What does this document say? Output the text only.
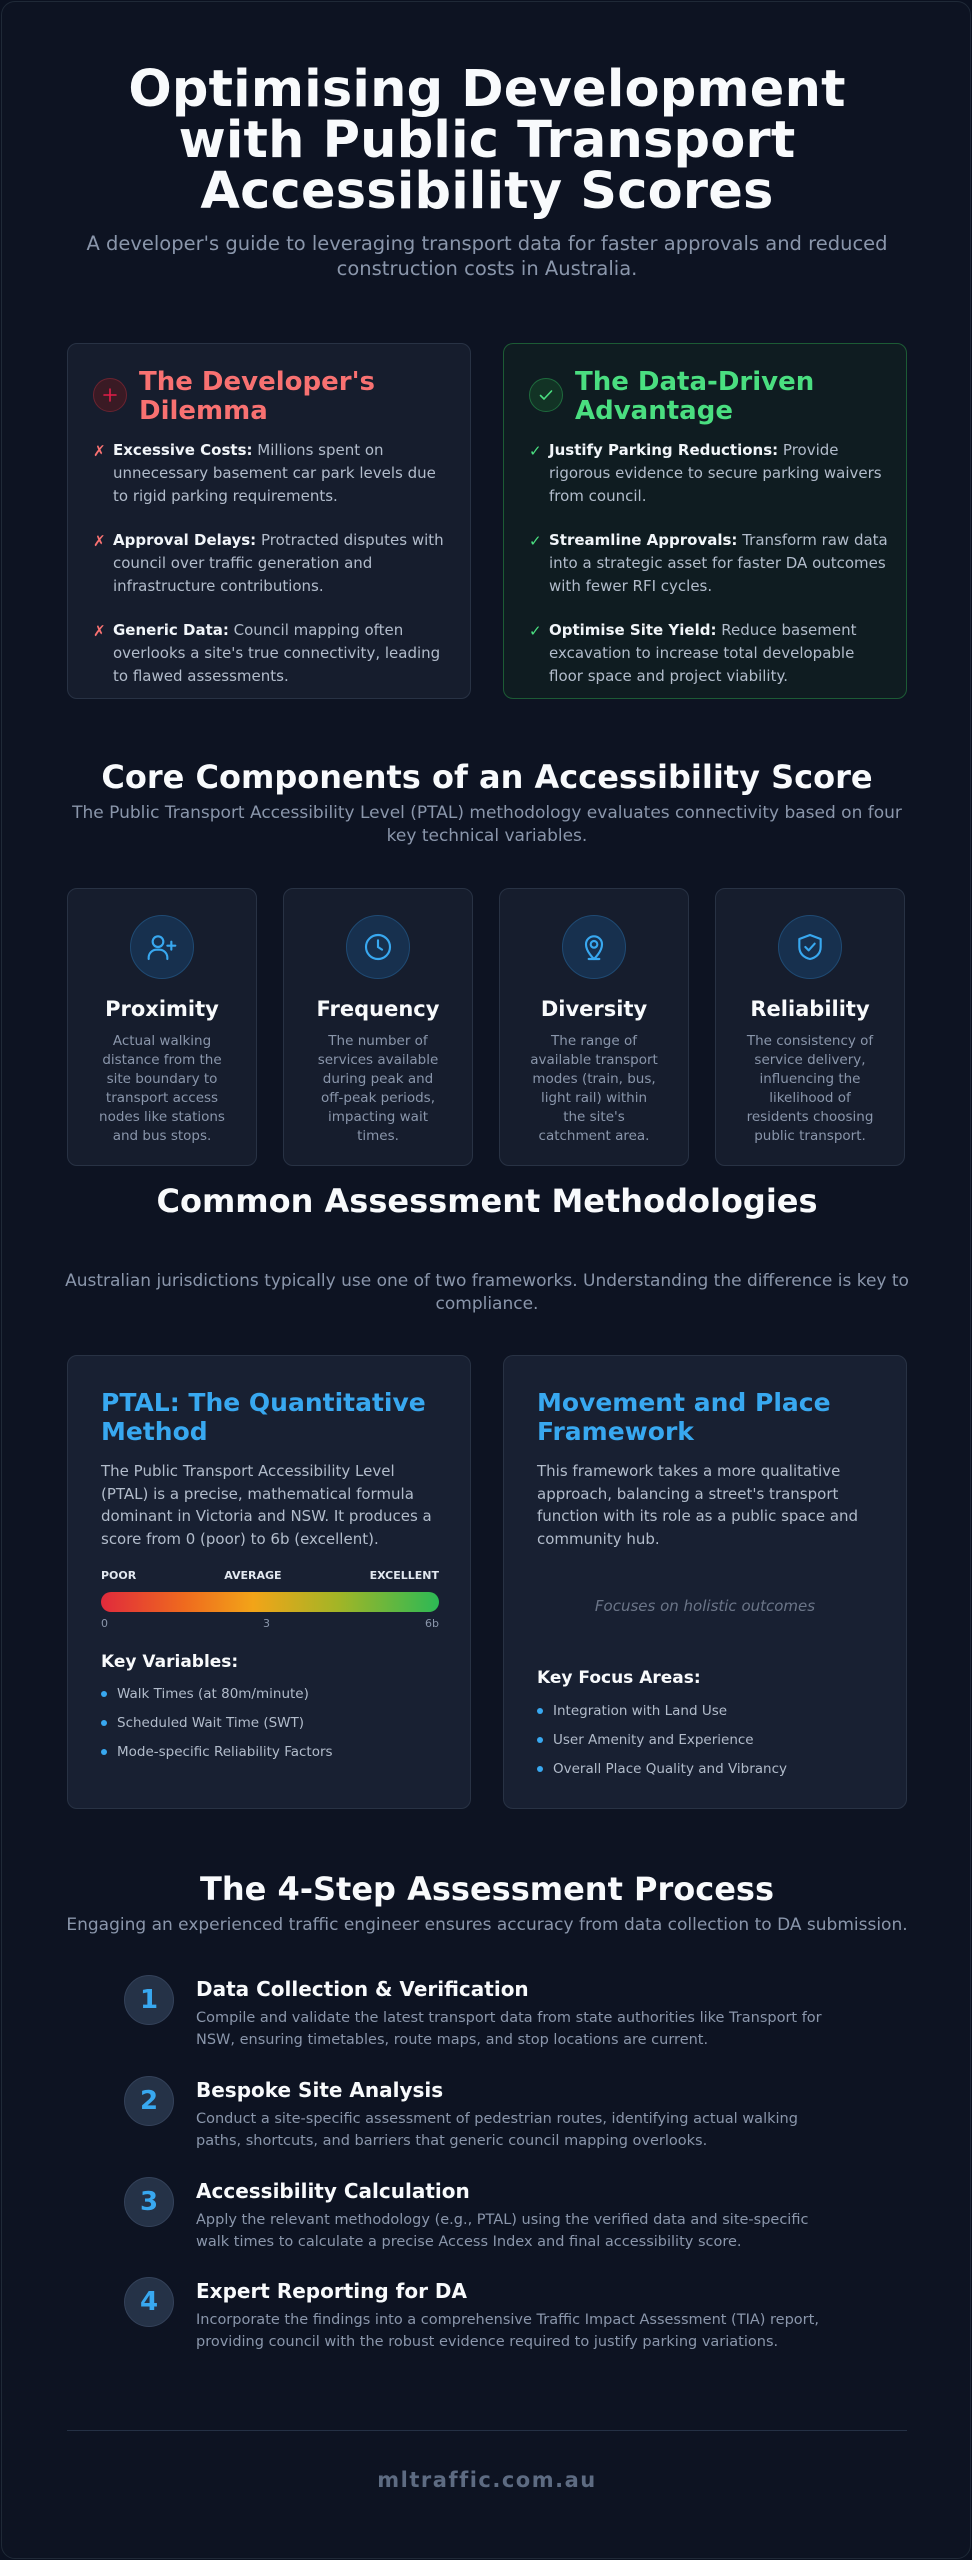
Optimising Development with Public Transport Accessibility Scores

A developer's guide to leveraging transport data for faster approvals and reduced construction costs in Australia.

The Developer's Dilemma
✗ Excessive Costs: Millions spent on unnecessary basement car park levels due to rigid parking requirements.
✗ Approval Delays: Protracted disputes with council over traffic generation and infrastructure contributions.
✗ Generic Data: Council mapping often overlooks a site's true connectivity, leading to flawed assessments.
The Data-Driven Advantage
✓ Justify Parking Reductions: Provide rigorous evidence to secure parking waivers from council.
✓ Streamline Approvals: Transform raw data into a strategic asset for faster DA outcomes with fewer RFI cycles.
✓ Optimise Site Yield: Reduce basement excavation to increase total developable floor space and project viability.
Core Components of an Accessibility Score

The Public Transport Accessibility Level (PTAL) methodology evaluates connectivity based on four key technical variables.

Proximity

Actual walking distance from the site boundary to transport access nodes like stations and bus stops.

Frequency

The number of services available during peak and off-peak periods, impacting wait times.

Diversity

The range of available transport modes (train, bus, light rail) within the site's catchment area.

Reliability

The consistency of service delivery, influencing the likelihood of residents choosing public transport.

Common Assessment Methodologies

Australian jurisdictions typically use one of two frameworks. Understanding the difference is key to compliance.

PTAL: The Quantitative Method

The Public Transport Accessibility Level (PTAL) is a precise, mathematical formula dominant in Victoria and NSW. It produces a score from 0 (poor) to 6b (excellent).

Key Variables:
Walk Times (at 80m/minute)
Scheduled Wait Time (SWT)
Mode-specific Reliability Factors
POOR	AVERAGE	EXCELLENT
0	3	6b
Movement and Place Framework

This framework takes a more qualitative approach, balancing a street's transport function with its role as a public space and community hub.

Key Focus Areas:
Integration with Land Use
User Amenity and Experience
Overall Place Quality and Vibrancy
Focuses on holistic outcomes
The 4-Step Assessment Process

Engaging an experienced traffic engineer ensures accuracy from data collection to DA submission.

1	Data Collection & Verification

Compile and validate the latest transport data from state authorities like Transport for NSW, ensuring timetables, route maps, and stop locations are current.

2	Bespoke Site Analysis

Conduct a site-specific assessment of pedestrian routes, identifying actual walking paths, shortcuts, and barriers that generic council mapping overlooks.

3	Accessibility Calculation

Apply the relevant methodology (e.g., PTAL) using the verified data and site-specific walk times to calculate a precise Access Index and final accessibility score.

4	Expert Reporting for DA

Incorporate the findings into a comprehensive Traffic Impact Assessment (TIA) report, providing council with the robust evidence required to justify parking variations.

mltraffic.com.au
